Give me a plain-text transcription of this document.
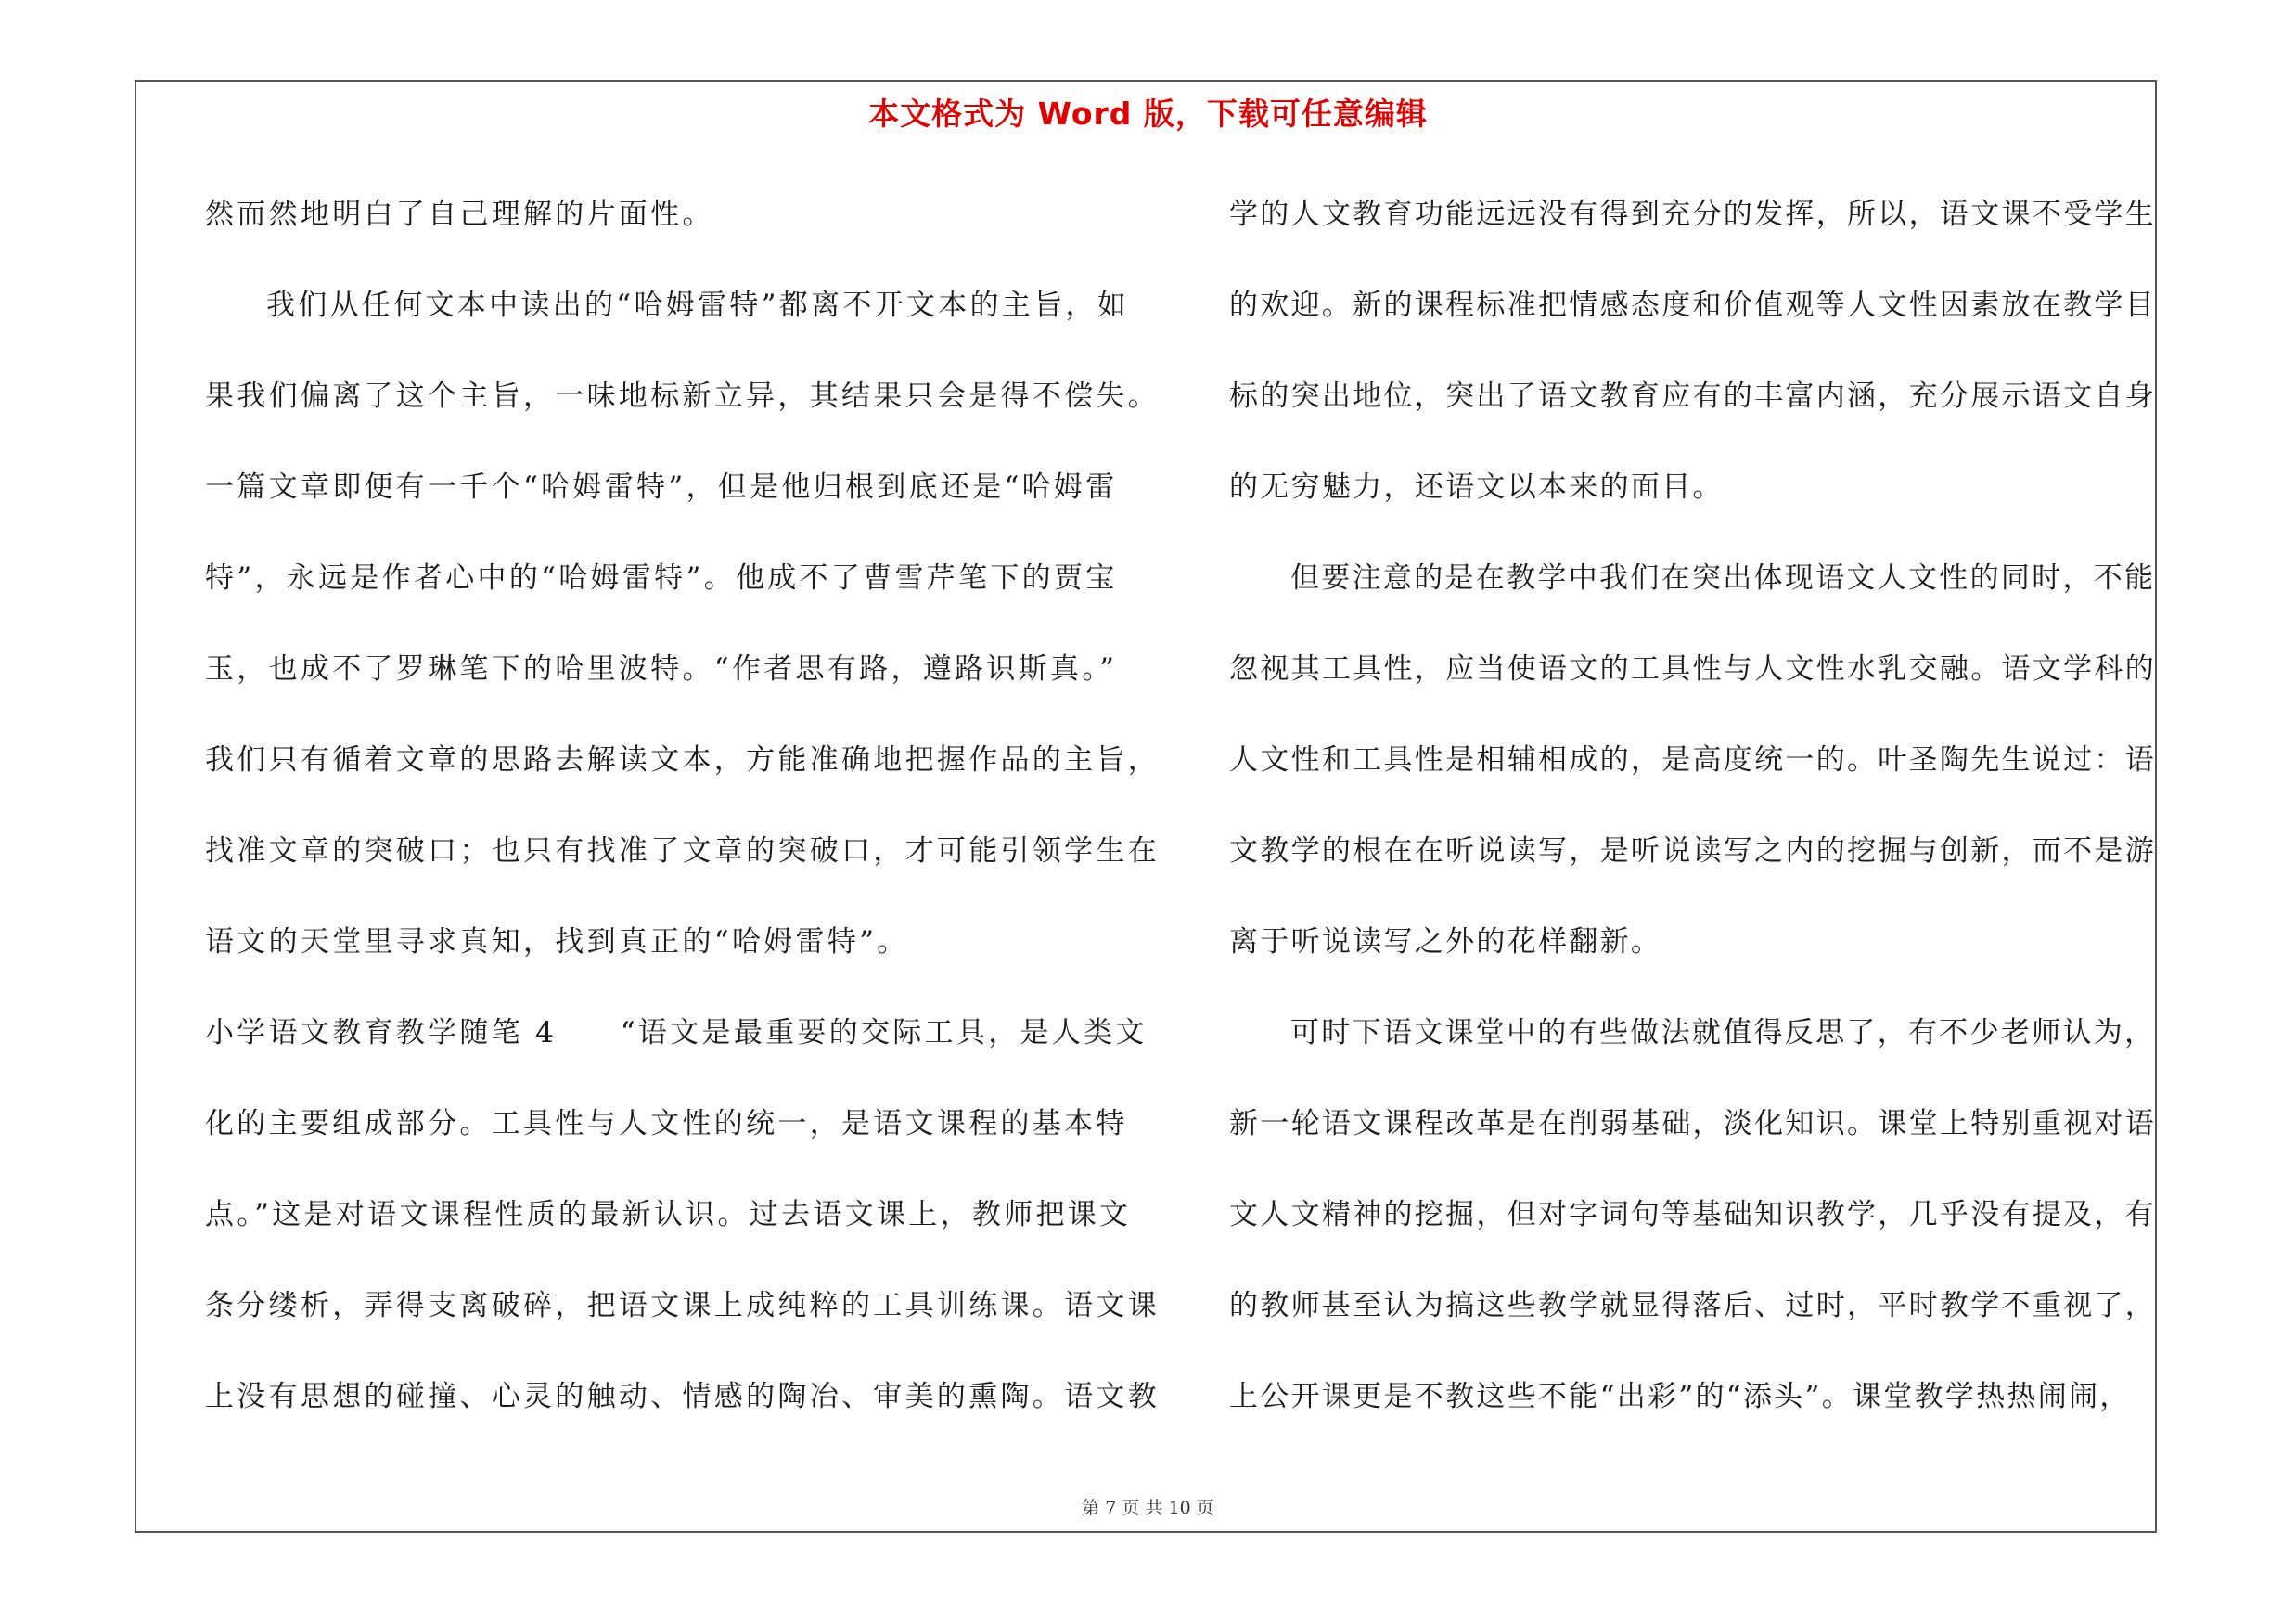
本文格式为 Word 版，下载可任意编辑
然而然地明白了自己理解的片面性。
我们从任何文本中读出的“哈姆雷特”都离不开文本的主旨，如
果我们偏离了这个主旨，一味地标新立异，其结果只会是得不偿失。
一篇文章即便有一千个“哈姆雷特”，但是他归根到底还是“哈姆雷
特”，永远是作者心中的“哈姆雷特”。他成不了曹雪芹笔下的贾宝
玉，也成不了罗琳笔下的哈里波特。“作者思有路，遵路识斯真。”
我们只有循着文章的思路去解读文本，方能准确地把握作品的主旨，
找准文章的突破口；也只有找准了文章的突破口，才可能引领学生在
语文的天堂里寻求真知，找到真正的“哈姆雷特”。
小学语文教育教学随笔 4　　“语文是最重要的交际工具，是人类文
化的主要组成部分。工具性与人文性的统一，是语文课程的基本特
点。”这是对语文课程性质的最新认识。过去语文课上，教师把课文
条分缕析，弄得支离破碎，把语文课上成纯粹的工具训练课。语文课
上没有思想的碰撞、心灵的触动、情感的陶冶、审美的熏陶。语文教
学的人文教育功能远远没有得到充分的发挥，所以，语文课不受学生
的欢迎。新的课程标准把情感态度和价值观等人文性因素放在教学目
标的突出地位，突出了语文教育应有的丰富内涵，充分展示语文自身
的无穷魅力，还语文以本来的面目。
但要注意的是在教学中我们在突出体现语文人文性的同时，不能
忽视其工具性，应当使语文的工具性与人文性水乳交融。语文学科的
人文性和工具性是相辅相成的，是高度统一的。叶圣陶先生说过：语
文教学的根在在听说读写，是听说读写之内的挖掘与创新，而不是游
离于听说读写之外的花样翻新。
可时下语文课堂中的有些做法就值得反思了，有不少老师认为，
新一轮语文课程改革是在削弱基础，淡化知识。课堂上特别重视对语
文人文精神的挖掘，但对字词句等基础知识教学，几乎没有提及，有
的教师甚至认为搞这些教学就显得落后、过时，平时教学不重视了，
上公开课更是不教这些不能“出彩”的“添头”。课堂教学热热闹闹，
第 7 页 共 10 页
